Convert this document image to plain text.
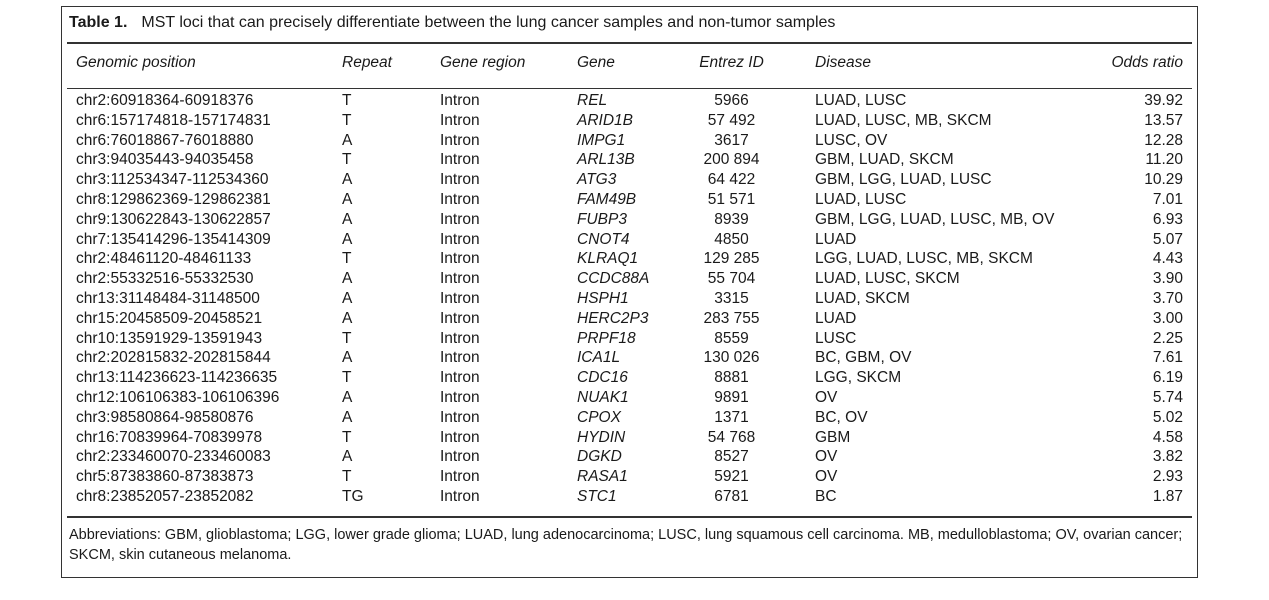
Table 1. MST loci that can precisely differentiate between the lung cancer samples and non-tumor samples
Genomic position	Repeat	Gene region	Gene	Entrez ID	Disease	Odds ratio
chr2:60918364-60918376	T	Intron	REL	5966	LUAD, LUSC	39.92
chr6:157174818-157174831	T	Intron	ARID1B	57 492	LUAD, LUSC, MB, SKCM	13.57
chr6:76018867-76018880	A	Intron	IMPG1	3617	LUSC, OV	12.28
chr3:94035443-94035458	T	Intron	ARL13B	200 894	GBM, LUAD, SKCM	11.20
chr3:112534347-112534360	A	Intron	ATG3	64 422	GBM, LGG, LUAD, LUSC	10.29
chr8:129862369-129862381	A	Intron	FAM49B	51 571	LUAD, LUSC	7.01
chr9:130622843-130622857	A	Intron	FUBP3	8939	GBM, LGG, LUAD, LUSC, MB, OV	6.93
chr7:135414296-135414309	A	Intron	CNOT4	4850	LUAD	5.07
chr2:48461120-48461133	T	Intron	KLRAQ1	129 285	LGG, LUAD, LUSC, MB, SKCM	4.43
chr2:55332516-55332530	A	Intron	CCDC88A	55 704	LUAD, LUSC, SKCM	3.90
chr13:31148484-31148500	A	Intron	HSPH1	3315	LUAD, SKCM	3.70
chr15:20458509-20458521	A	Intron	HERC2P3	283 755	LUAD	3.00
chr10:13591929-13591943	T	Intron	PRPF18	8559	LUSC	2.25
chr2:202815832-202815844	A	Intron	ICA1L	130 026	BC, GBM, OV	7.61
chr13:114236623-114236635	T	Intron	CDC16	8881	LGG, SKCM	6.19
chr12:106106383-106106396	A	Intron	NUAK1	9891	OV	5.74
chr3:98580864-98580876	A	Intron	CPOX	1371	BC, OV	5.02
chr16:70839964-70839978	T	Intron	HYDIN	54 768	GBM	4.58
chr2:233460070-233460083	A	Intron	DGKD	8527	OV	3.82
chr5:87383860-87383873	T	Intron	RASA1	5921	OV	2.93
chr8:23852057-23852082	TG	Intron	STC1	6781	BC	1.87
Abbreviations: GBM, glioblastoma; LGG, lower grade glioma; LUAD, lung adenocarcinoma; LUSC, lung squamous cell carcinoma. MB, medulloblastoma; OV, ovarian cancer; SKCM, skin cutaneous melanoma.
